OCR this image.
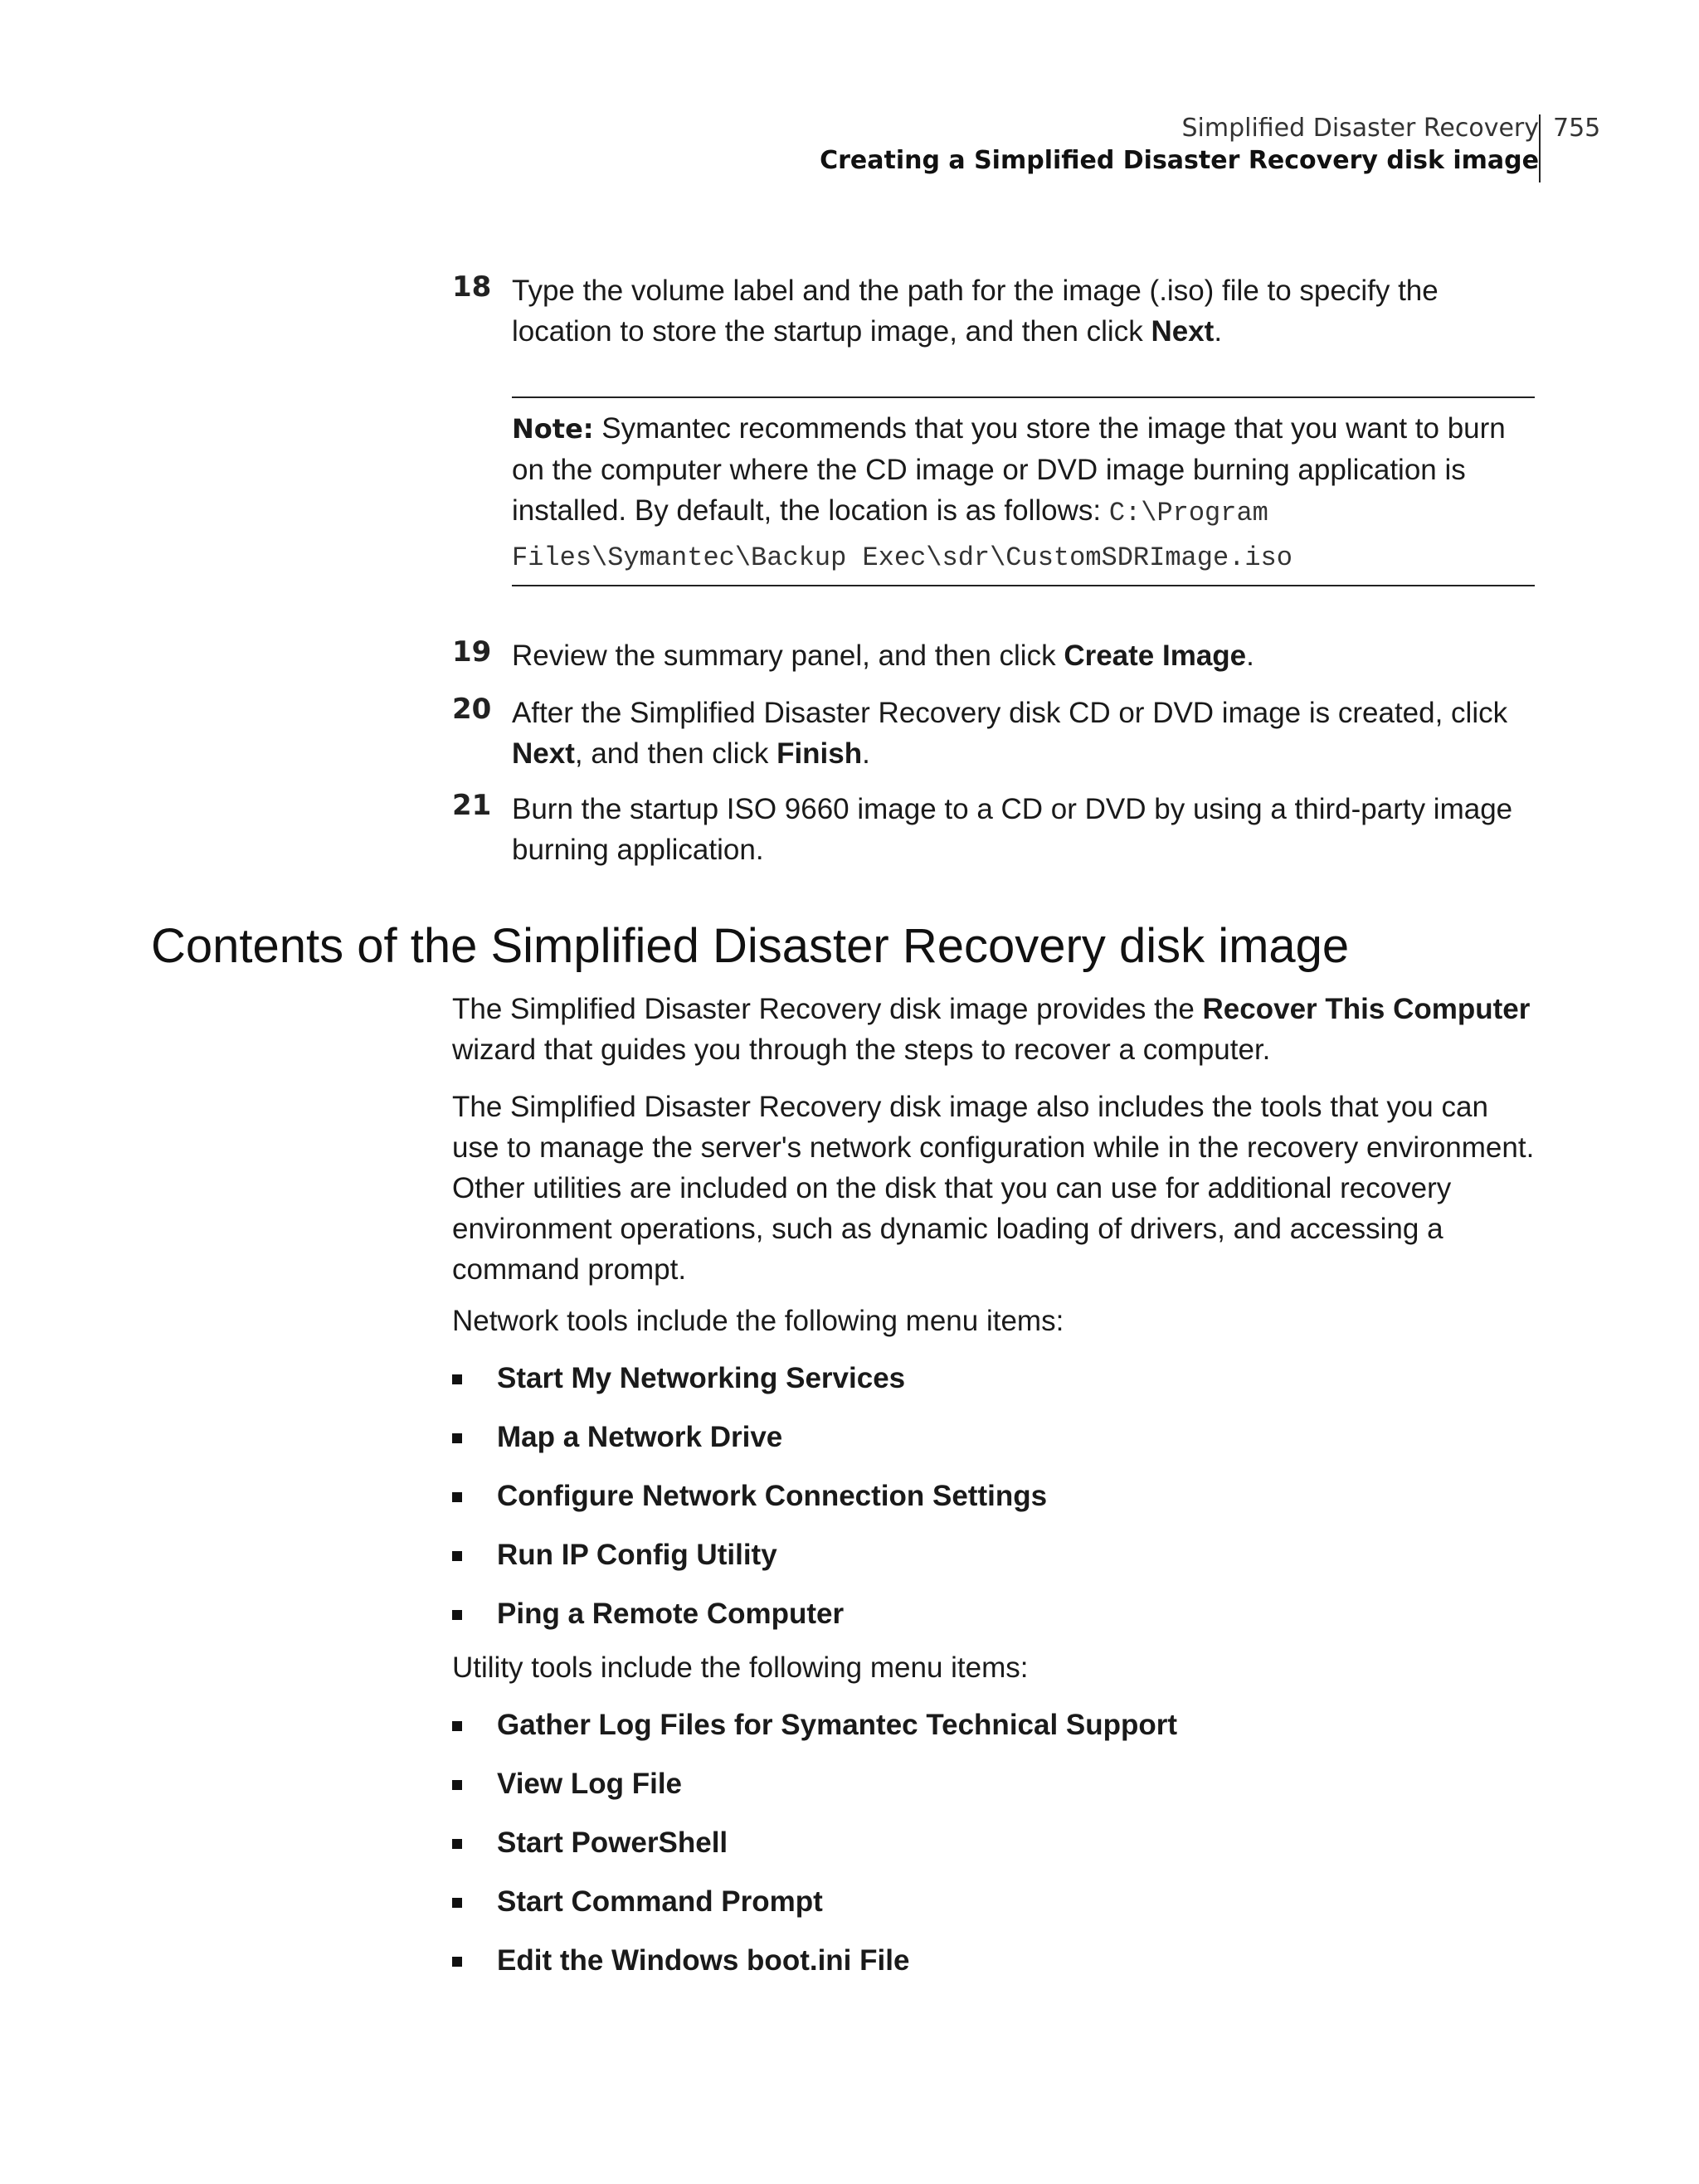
Simplified Disaster Recovery
Creating a Simplified Disaster Recovery disk image
755
18 Type the volume label and the path for the image (.iso) file to specify the location to store the startup image, and then click Next.
Note: Symantec recommends that you store the image that you want to burn on the computer where the CD image or DVD image burning application is installed. By default, the location is as follows: C:\Program
Files\Symantec\Backup Exec\sdr\CustomSDRImage.iso
19 Review the summary panel, and then click Create Image.
20 After the Simplified Disaster Recovery disk CD or DVD image is created, click Next, and then click Finish.
21 Burn the startup ISO 9660 image to a CD or DVD by using a third-party image burning application.
Contents of the Simplified Disaster Recovery disk image

The Simplified Disaster Recovery disk image provides the Recover This Computer wizard that guides you through the steps to recover a computer.

The Simplified Disaster Recovery disk image also includes the tools that you can use to manage the server's network configuration while in the recovery environment. Other utilities are included on the disk that you can use for additional recovery environment operations, such as dynamic loading of drivers, and accessing a command prompt.

Network tools include the following menu items:

Start My Networking Services
Map a Network Drive
Configure Network Connection Settings
Run IP Config Utility
Ping a Remote Computer

Utility tools include the following menu items:

Gather Log Files for Symantec Technical Support
View Log File
Start PowerShell
Start Command Prompt
Edit the Windows boot.ini File
